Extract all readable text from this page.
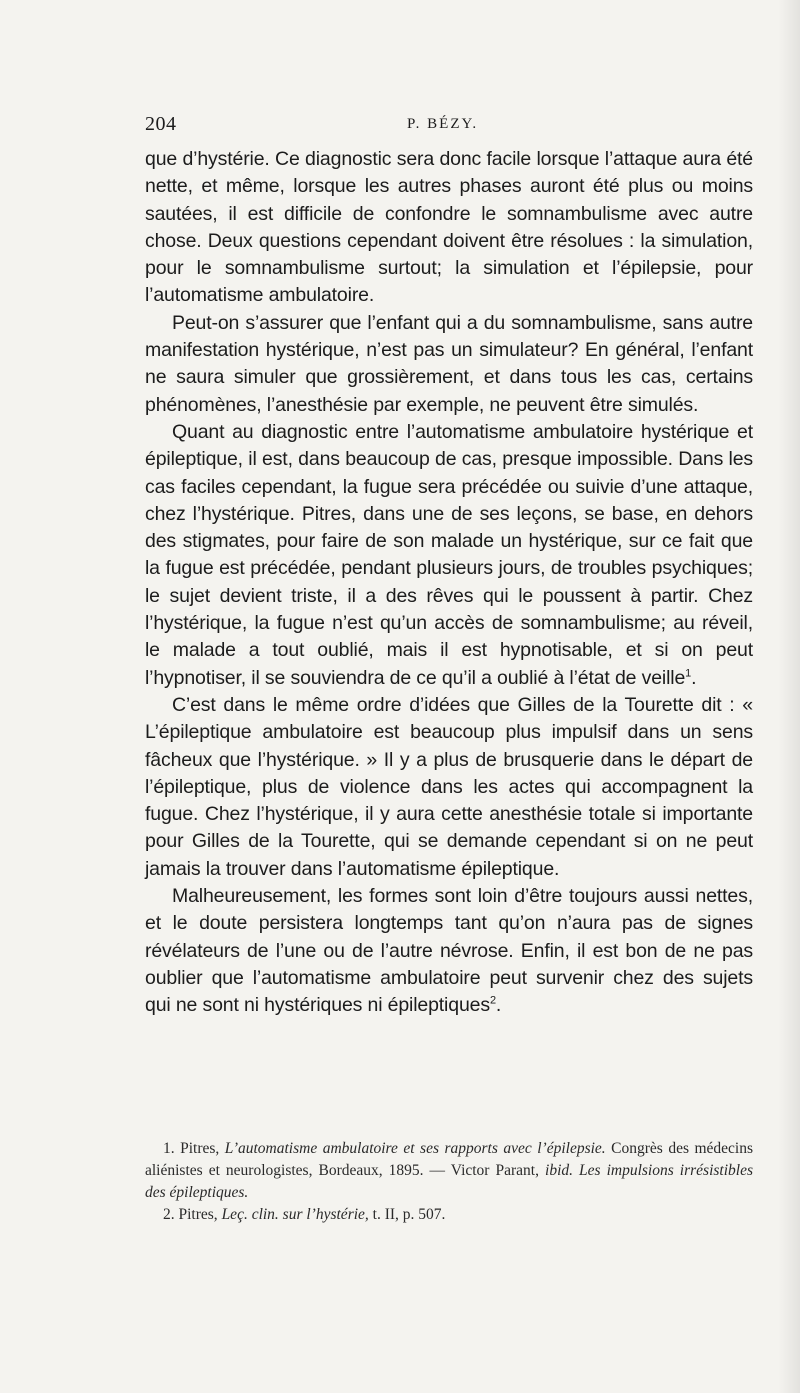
204	P. BÉZY.

que d’hystérie. Ce diagnostic sera donc facile lorsque l’attaque aura été nette, et même, lorsque les autres phases auront été plus ou moins sautées, il est difficile de confondre le somnambulisme avec autre chose. Deux questions cependant doivent être résolues : la simulation, pour le somnambulisme surtout; la simulation et l’épilepsie, pour l’automatisme ambulatoire.

Peut-on s’assurer que l’enfant qui a du somnambulisme, sans autre manifestation hystérique, n’est pas un simulateur? En général, l’enfant ne saura simuler que grossièrement, et dans tous les cas, certains phénomènes, l’anesthésie par exemple, ne peuvent être simulés.

Quant au diagnostic entre l’automatisme ambulatoire hystérique et épileptique, il est, dans beaucoup de cas, presque impossible. Dans les cas faciles cependant, la fugue sera précédée ou suivie d’une attaque, chez l’hystérique. Pitres, dans une de ses leçons, se base, en dehors des stigmates, pour faire de son malade un hystérique, sur ce fait que la fugue est précédée, pendant plusieurs jours, de troubles psychiques; le sujet devient triste, il a des rêves qui le poussent à partir. Chez l’hystérique, la fugue n’est qu’un accès de somnambulisme; au réveil, le malade a tout oublié, mais il est hypnotisable, et si on peut l’hypnotiser, il se souviendra de ce qu’il a oublié à l’état de veille$^1$.

C’est dans le même ordre d’idées que Gilles de la Tourette dit : « L’épileptique ambulatoire est beaucoup plus impulsif dans un sens fâcheux que l’hystérique. » Il y a plus de brusquerie dans le départ de l’épileptique, plus de violence dans les actes qui accompagnent la fugue. Chez l’hystérique, il y aura cette anesthésie totale si importante pour Gilles de la Tourette, qui se demande cependant si on ne peut jamais la trouver dans l’automatisme épileptique.

Malheureusement, les formes sont loin d’être toujours aussi nettes, et le doute persistera longtemps tant qu’on n’aura pas de signes révélateurs de l’une ou de l’autre névrose. Enfin, il est bon de ne pas oublier que l’automatisme ambulatoire peut survenir chez des sujets qui ne sont ni hystériques ni épileptiques$^2$.

1. Pitres, L’automatisme ambulatoire et ses rapports avec l’épilepsie. Congrès des médecins aliénistes et neurologistes, Bordeaux, 1895. — Victor Parant, ibid. Les impulsions irrésistibles des épileptiques.

2. Pitres, Leç. clin. sur l’hystérie, t. II, p. 507.
